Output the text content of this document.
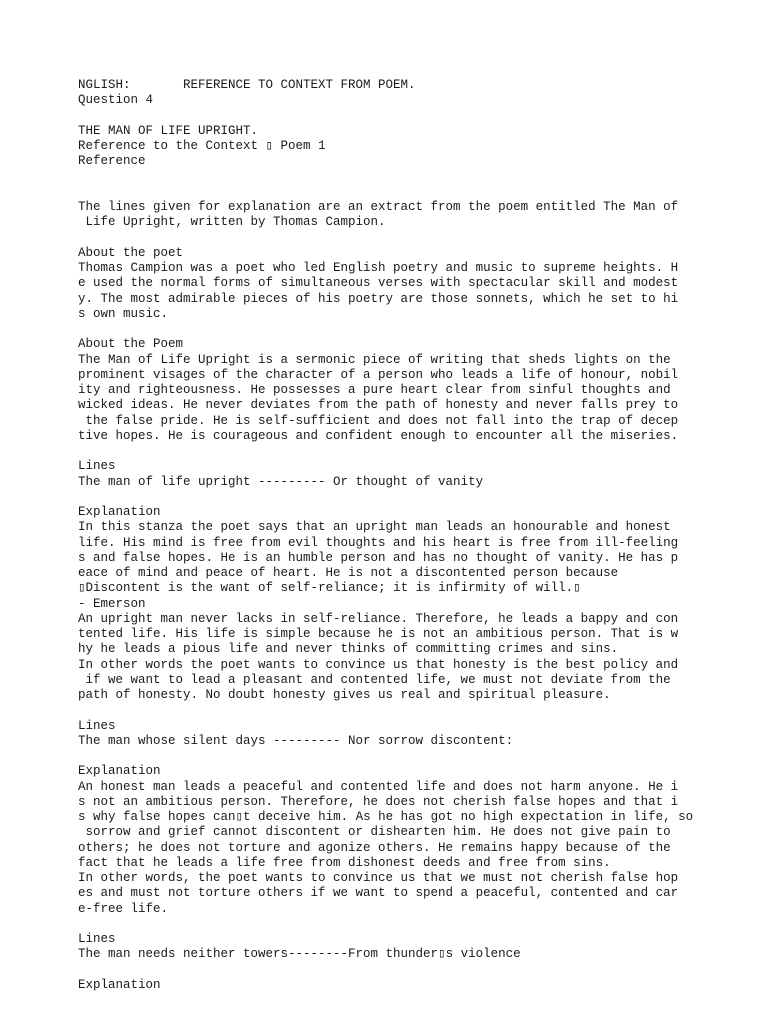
NGLISH:       REFERENCE TO CONTEXT FROM POEM.
Question 4
THE MAN OF LIFE UPRIGHT.
Reference to the Context ▯ Poem 1
Reference
The lines given for explanation are an extract from the poem entitled The Man of
Life Upright, written by Thomas Campion.
About the poet
Thomas Campion was a poet who led English poetry and music to supreme heights. H
e used the normal forms of simultaneous verses with spectacular skill and modest
y. The most admirable pieces of his poetry are those sonnets, which he set to hi
s own music.
About the Poem
The Man of Life Upright is a sermonic piece of writing that sheds lights on the
prominent visages of the character of a person who leads a life of honour, nobil
ity and righteousness. He possesses a pure heart clear from sinful thoughts and
wicked ideas. He never deviates from the path of honesty and never falls prey to
the false pride. He is self-sufficient and does not fall into the trap of decep
tive hopes. He is courageous and confident enough to encounter all the miseries.
Lines
The man of life upright --------- Or thought of vanity
Explanation
In this stanza the poet says that an upright man leads an honourable and honest
life. His mind is free from evil thoughts and his heart is free from ill-feeling
s and false hopes. He is an humble person and has no thought of vanity. He has p
eace of mind and peace of heart. He is not a discontented person because
▯Discontent is the want of self-reliance; it is infirmity of will.▯
- Emerson
An upright man never lacks in self-reliance. Therefore, he leads a bappy and con
tented life. His life is simple because he is not an ambitious person. That is w
hy he leads a pious life and never thinks of committing crimes and sins.
In other words the poet wants to convince us that honesty is the best policy and
if we want to lead a pleasant and contented life, we must not deviate from the
path of honesty. No doubt honesty gives us real and spiritual pleasure.
Lines
The man whose silent days --------- Nor sorrow discontent:
Explanation
An honest man leads a peaceful and contented life and does not harm anyone. He i
s not an ambitious person. Therefore, he does not cherish false hopes and that i
s why false hopes can▯t deceive him. As he has got no high expectation in life, so
sorrow and grief cannot discontent or dishearten him. He does not give pain to
others; he does not torture and agonize others. He remains happy because of the
fact that he leads a life free from dishonest deeds and free from sins.
In other words, the poet wants to convince us that we must not cherish false hop
es and must not torture others if we want to spend a peaceful, contented and car
e-free life.
Lines
The man needs neither towers--------From thunder▯s violence
Explanation
